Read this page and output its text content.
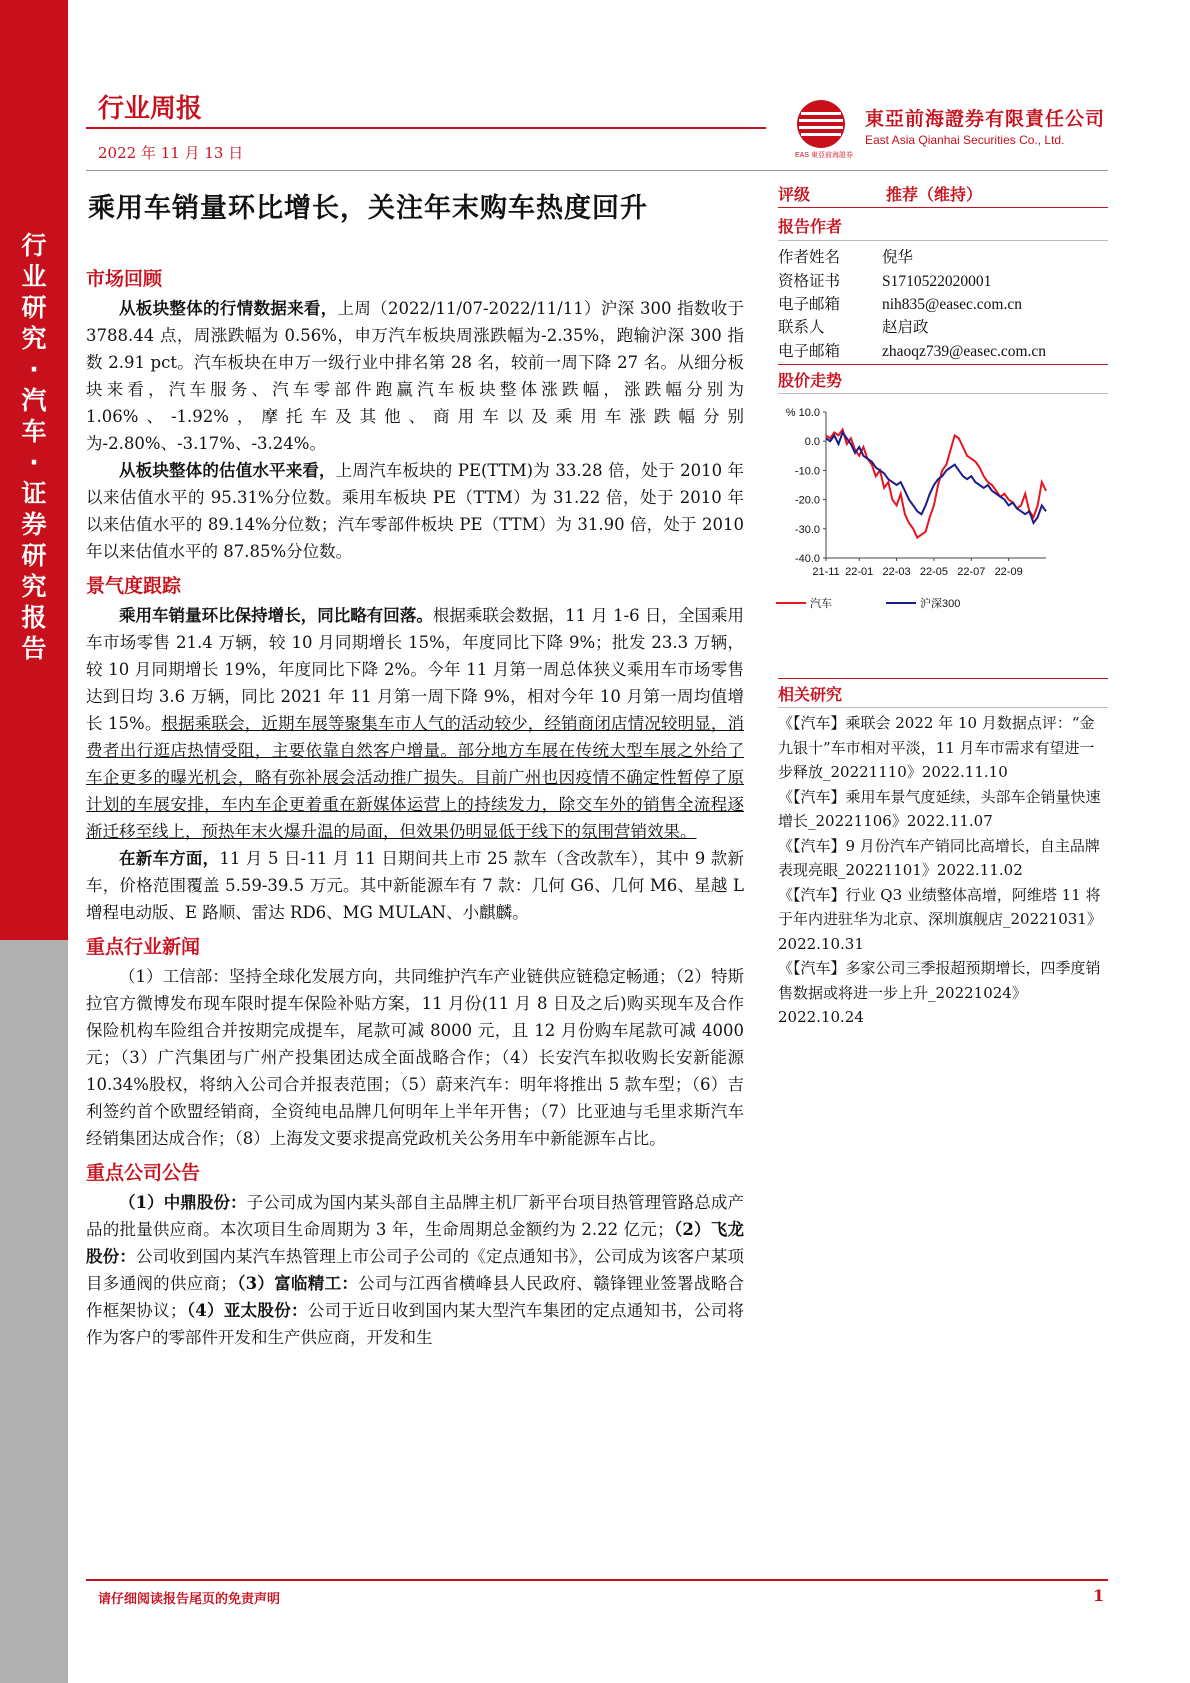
行
业
研
究
·
汽
车
·
证
券
研
究
报
告
行业周报
2022 年 11 月 13 日
東亞前海證券有限責任公司
East Asia Qianhai Securities Co., Ltd.
EAS 東亞前海證券
乘用车销量环比增长，关注年末购车热度回升
市场回顾

从板块整体的行情数据来看，上周（2022/11/07-2022/11/11）沪深 300 指数收于 3788.44 点，周涨跌幅为 0.56%，申万汽车板块周涨跌幅为-2.35%，跑输沪深 300 指数 2.91 pct。汽车板块在申万一级行业中排名第 28 名，较前一周下降 27 名。从细分板块来看，汽车服务、汽车零部件跑赢汽车板块整体涨跌幅，涨跌幅分别为 1.06%、-1.92%，摩托车及其他、商用车以及乘用车涨跌幅分别为-2.80%、-3.17%、-3.24%。

从板块整体的估值水平来看，上周汽车板块的 PE(TTM)为 33.28 倍，处于 2010 年以来估值水平的 95.31%分位数。乘用车板块 PE（TTM）为 31.22 倍，处于 2010 年以来估值水平的 89.14%分位数；汽车零部件板块 PE（TTM）为 31.90 倍，处于 2010 年以来估值水平的 87.85%分位数。

景气度跟踪

乘用车销量环比保持增长，同比略有回落。根据乘联会数据，11 月 1-6 日，全国乘用车市场零售 21.4 万辆，较 10 月同期增长 15%，年度同比下降 9%；批发 23.3 万辆，较 10 月同期增长 19%，年度同比下降 2%。今年 11 月第一周总体狭义乘用车市场零售达到日均 3.6 万辆，同比 2021 年 11 月第一周下降 9%，相对今年 10 月第一周均值增长 15%。根据乘联会，近期车展等聚集车市人气的活动较少，经销商闭店情况较明显，消费者出行逛店热情受阻，主要依靠自然客户增量。部分地方车展在传统大型车展之外给了车企更多的曝光机会，略有弥补展会活动推广损失。目前广州也因疫情不确定性暂停了原计划的车展安排，车内车企更着重在新媒体运营上的持续发力，除交车外的销售全流程逐渐迁移至线上，预热年末火爆升温的局面，但效果仍明显低于线下的氛围营销效果。

在新车方面，11 月 5 日-11 月 11 日期间共上市 25 款车（含改款车），其中 9 款新车，价格范围覆盖 5.59-39.5 万元。其中新能源车有 7 款：几何 G6、几何 M6、星越 L 增程电动版、E 路顺、雷达 RD6、MG MULAN、小麒麟。

重点行业新闻

（1）工信部：坚持全球化发展方向，共同维护汽车产业链供应链稳定畅通；（2）特斯拉官方微博发布现车限时提车保险补贴方案，11 月份(11 月 8 日及之后)购买现车及合作保险机构车险组合并按期完成提车，尾款可减 8000 元，且 12 月份购车尾款可减 4000 元；（3）广汽集团与广州产投集团达成全面战略合作；（4）长安汽车拟收购长安新能源 10.34%股权，将纳入公司合并报表范围；（5）蔚来汽车：明年将推出 5 款车型；（6）吉利签约首个欧盟经销商，全资纯电品牌几何明年上半年开售；（7）比亚迪与毛里求斯汽车经销集团达成合作；（8）上海发文要求提高党政机关公务用车中新能源车占比。

重点公司公告

（1）中鼎股份：子公司成为国内某头部自主品牌主机厂新平台项目热管理管路总成产品的批量供应商。本次项目生命周期为 3 年，生命周期总金额约为 2.22 亿元；（2）飞龙股份：公司收到国内某汽车热管理上市公司子公司的《定点通知书》，公司成为该客户某项目多通阀的供应商；（3）富临精工：公司与江西省横峰县人民政府、赣锋锂业签署战略合作框架协议；（4）亚太股份：公司于近日收到国内某大型汽车集团的定点通知书，公司将作为客户的零部件开发和生产供应商，开发和生

评级	推荐（维持）
报告作者
作者姓名	倪华
资格证书	S1710522020001
电子邮箱	nih835@easec.com.cn
联系人	赵启政
电子邮箱	zhaoqz739@easec.com.cn
股价走势
% 10.0
0.0
-10.0
-20.0
-30.0
-40.0
21-11 22-01 22-03 22-05 22-07 22-09
汽车	沪深300
相关研究
《【汽车】乘联会 2022 年 10 月数据点评：“金九银十”车市相对平淡，11 月车市需求有望进一步释放_20221110》2022.11.10
《【汽车】乘用车景气度延续，头部车企销量快速增长_20221106》2022.11.07
《【汽车】9 月份汽车产销同比高增长，自主品牌表现亮眼_20221101》2022.11.02
《【汽车】行业 Q3 业绩整体高增，阿维塔 11 将于年内进驻华为北京、深圳旗舰店_20221031》2022.10.31
《【汽车】多家公司三季报超预期增长，四季度销售数据或将进一步上升_20221024》2022.10.24
请仔细阅读报告尾页的免责声明	1
